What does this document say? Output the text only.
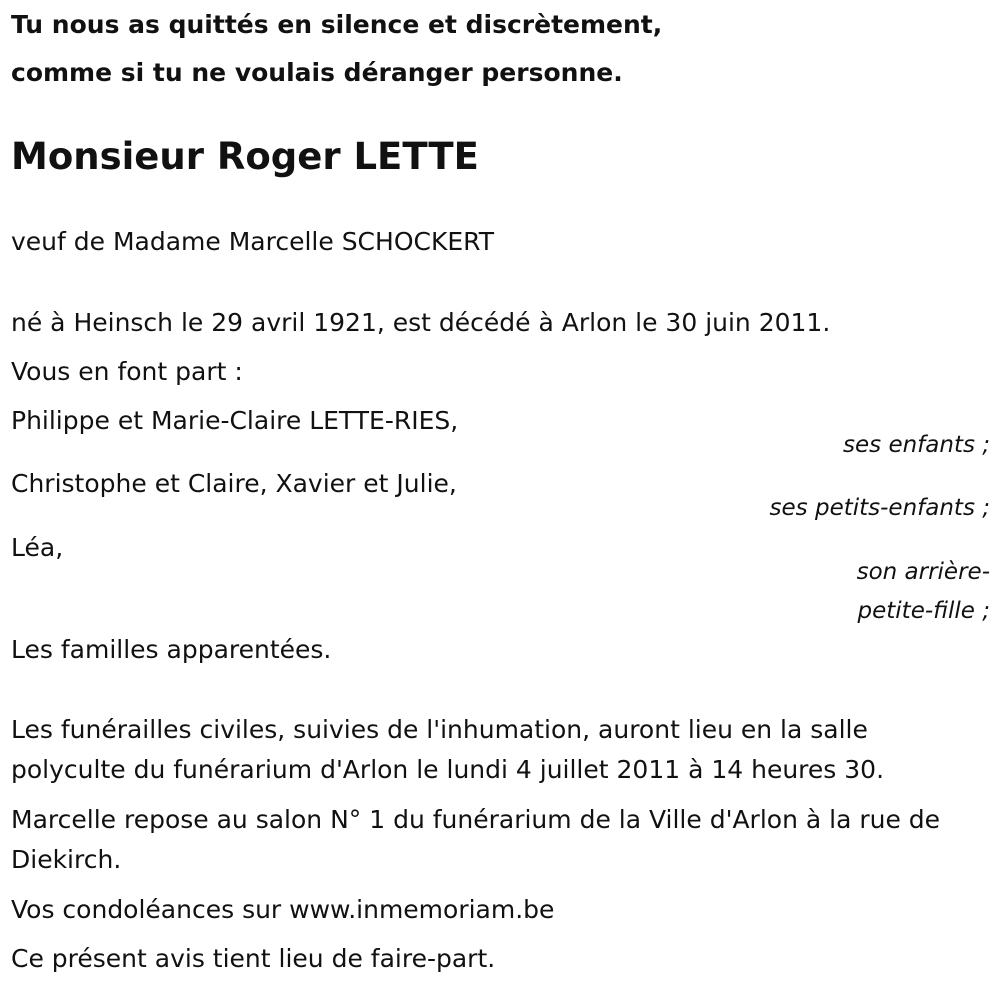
Tu nous as quittés en silence et discrètement,
comme si tu ne voulais déranger personne.
Monsieur Roger LETTE
veuf de Madame Marcelle SCHOCKERT
né à Heinsch le 29 avril 1921, est décédé à Arlon le 30 juin 2011.
Vous en font part :
Philippe et Marie-Claire LETTE-RIES,
ses enfants ;
Christophe et Claire, Xavier et Julie,
ses petits-enfants ;
Léa,
son arrière-
petite-fille ;
Les familles apparentées.
Les funérailles civiles, suivies de l'inhumation, auront lieu en la salle
polyculte du funérarium d'Arlon le lundi 4 juillet 2011 à 14 heures 30.
Marcelle repose au salon N° 1 du funérarium de la Ville d'Arlon à la rue de
Diekirch.
Vos condoléances sur www.inmemoriam.be
Ce présent avis tient lieu de faire-part.
